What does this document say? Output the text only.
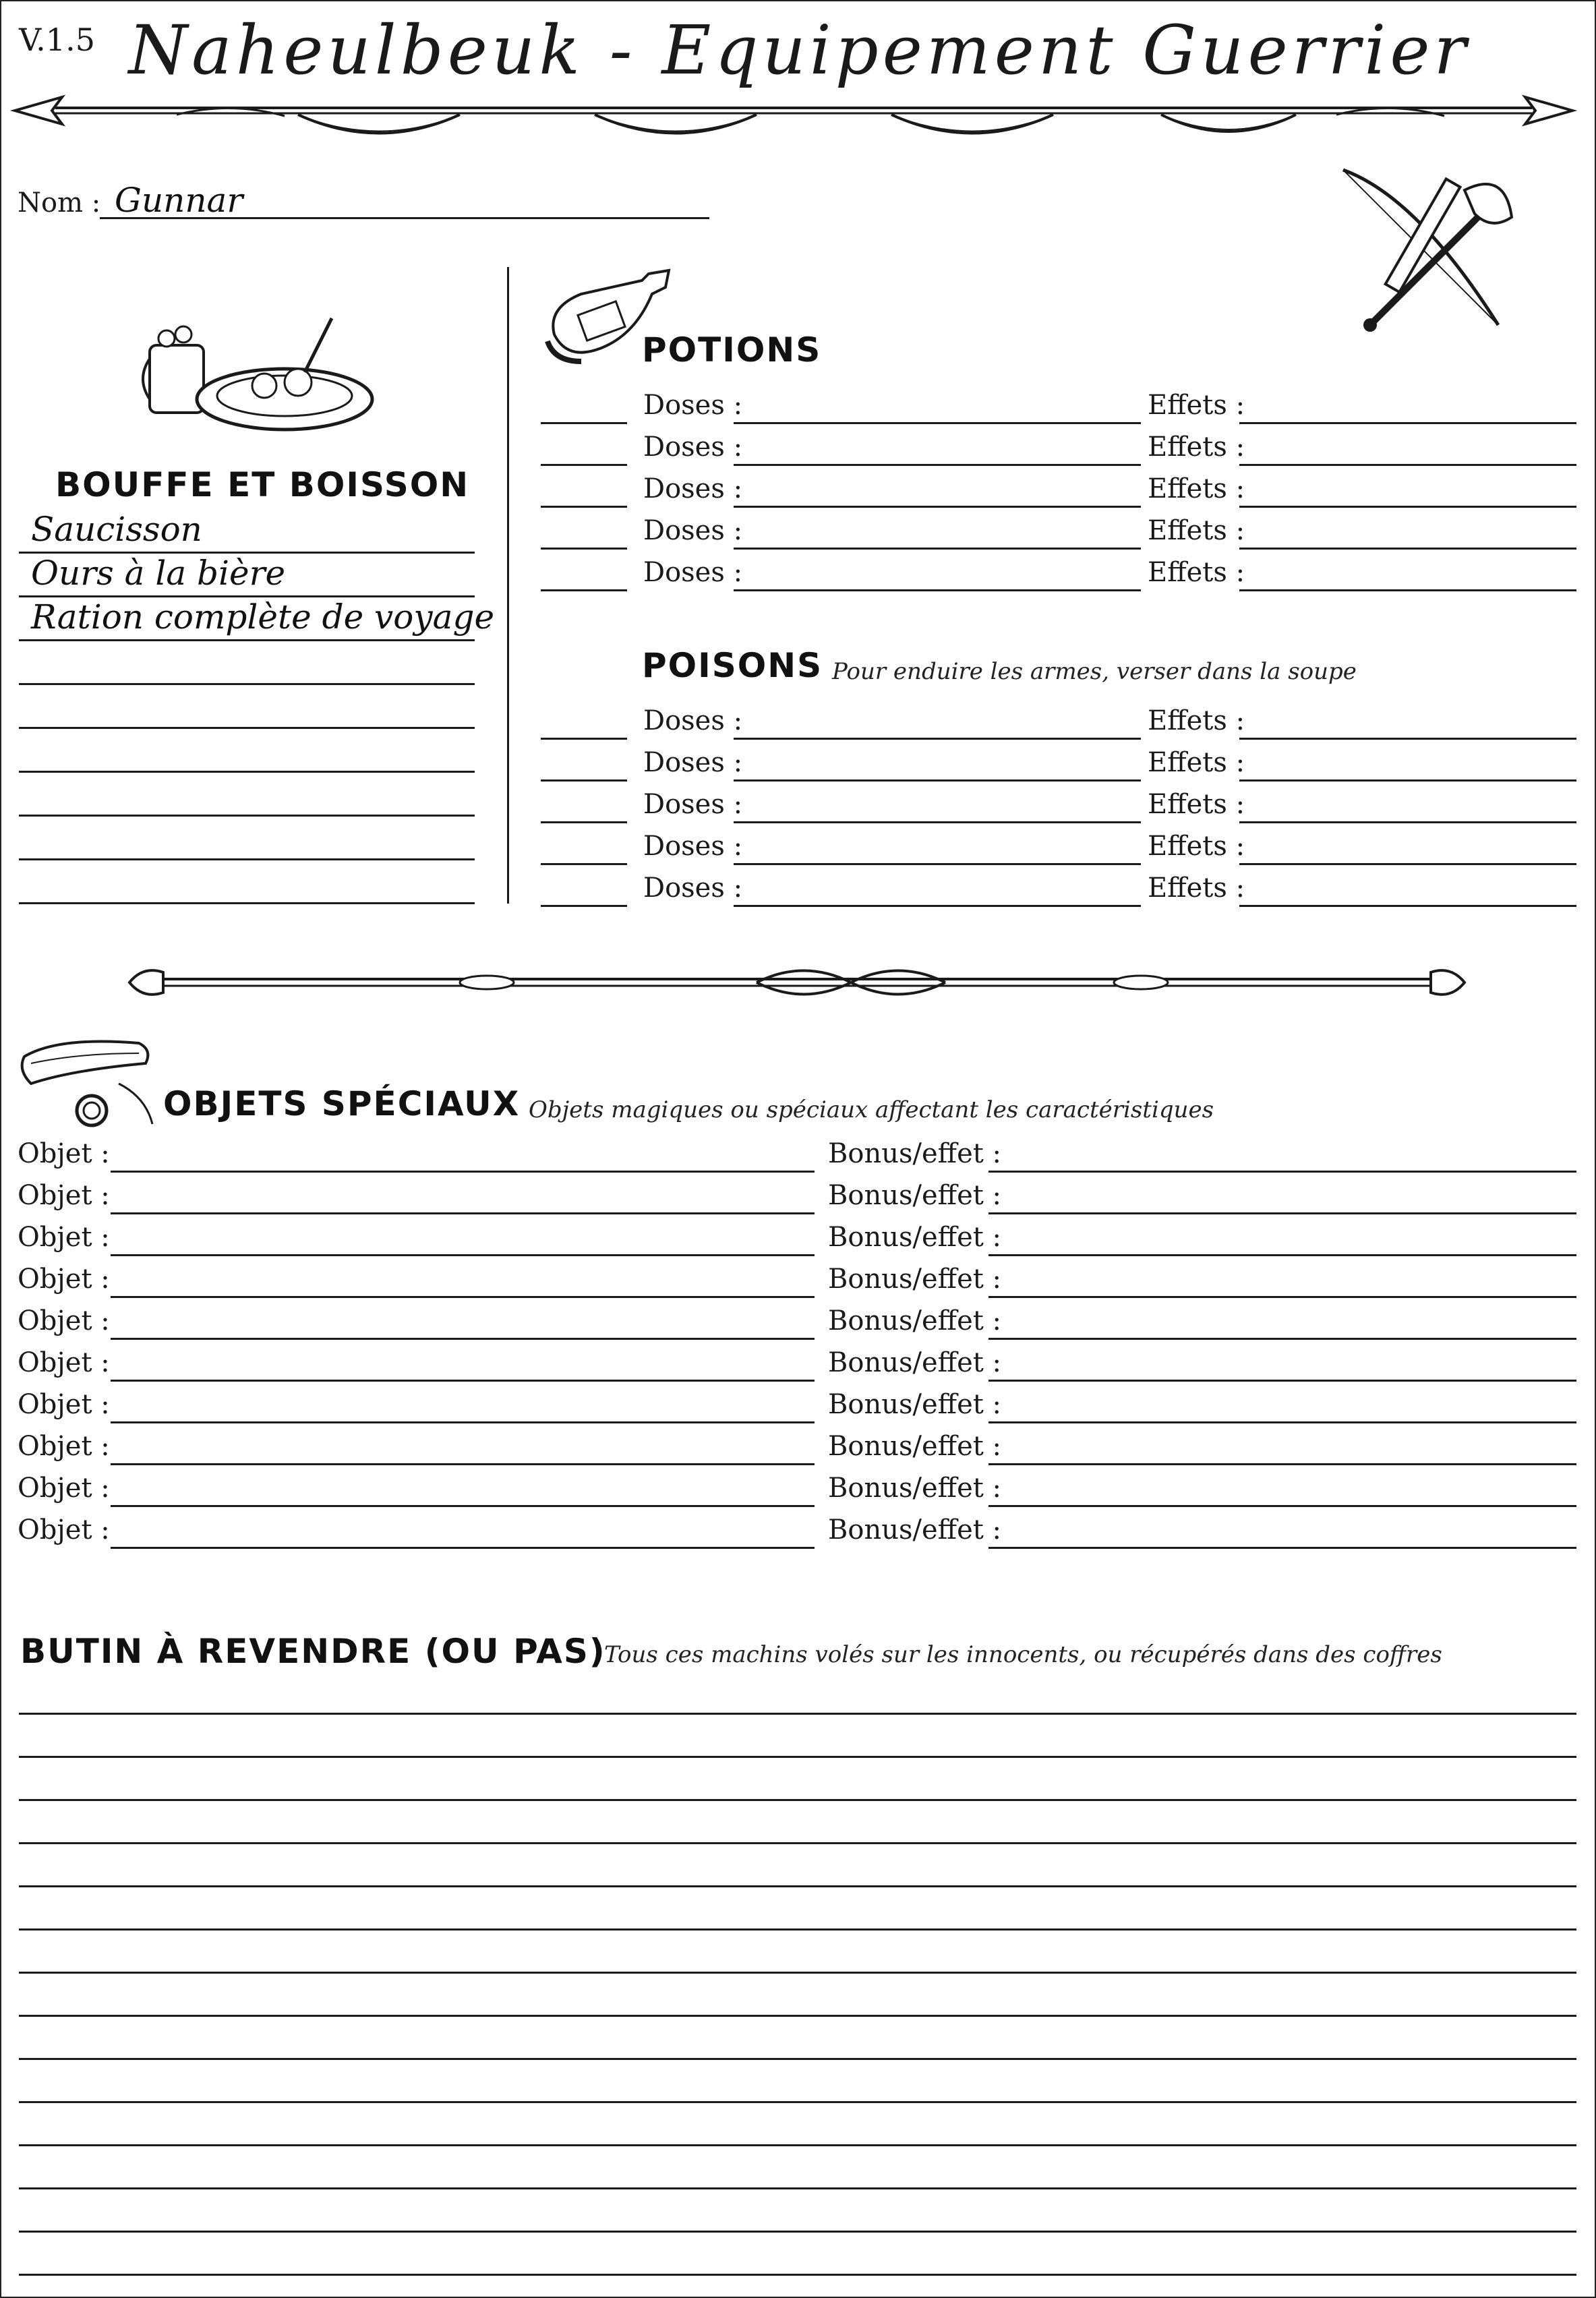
V.1.5 Naheulbeuk - Equipement Guerrier
Nom : Gunnar
BOUFFE ET BOISSON
Saucisson
Ours à la bière
Ration complète de voyage
POTIONS
Doses :	Effets :
Doses :	Effets :
Doses :	Effets :
Doses :	Effets :
Doses :	Effets :
POISONS Pour enduire les armes, verser dans la soupe
Doses :	Effets :
Doses :	Effets :
Doses :	Effets :
Doses :	Effets :
Doses :	Effets :
OBJETS SPÉCIAUX Objets magiques ou spéciaux affectant les caractéristiques
Objet :	Bonus/effet :
Objet :	Bonus/effet :
Objet :	Bonus/effet :
Objet :	Bonus/effet :
Objet :	Bonus/effet :
Objet :	Bonus/effet :
Objet :	Bonus/effet :
Objet :	Bonus/effet :
Objet :	Bonus/effet :
Objet :	Bonus/effet :
BUTIN À REVENDRE (OU PAS)
Tous ces machins volés sur les innocents, ou récupérés dans des coffres
